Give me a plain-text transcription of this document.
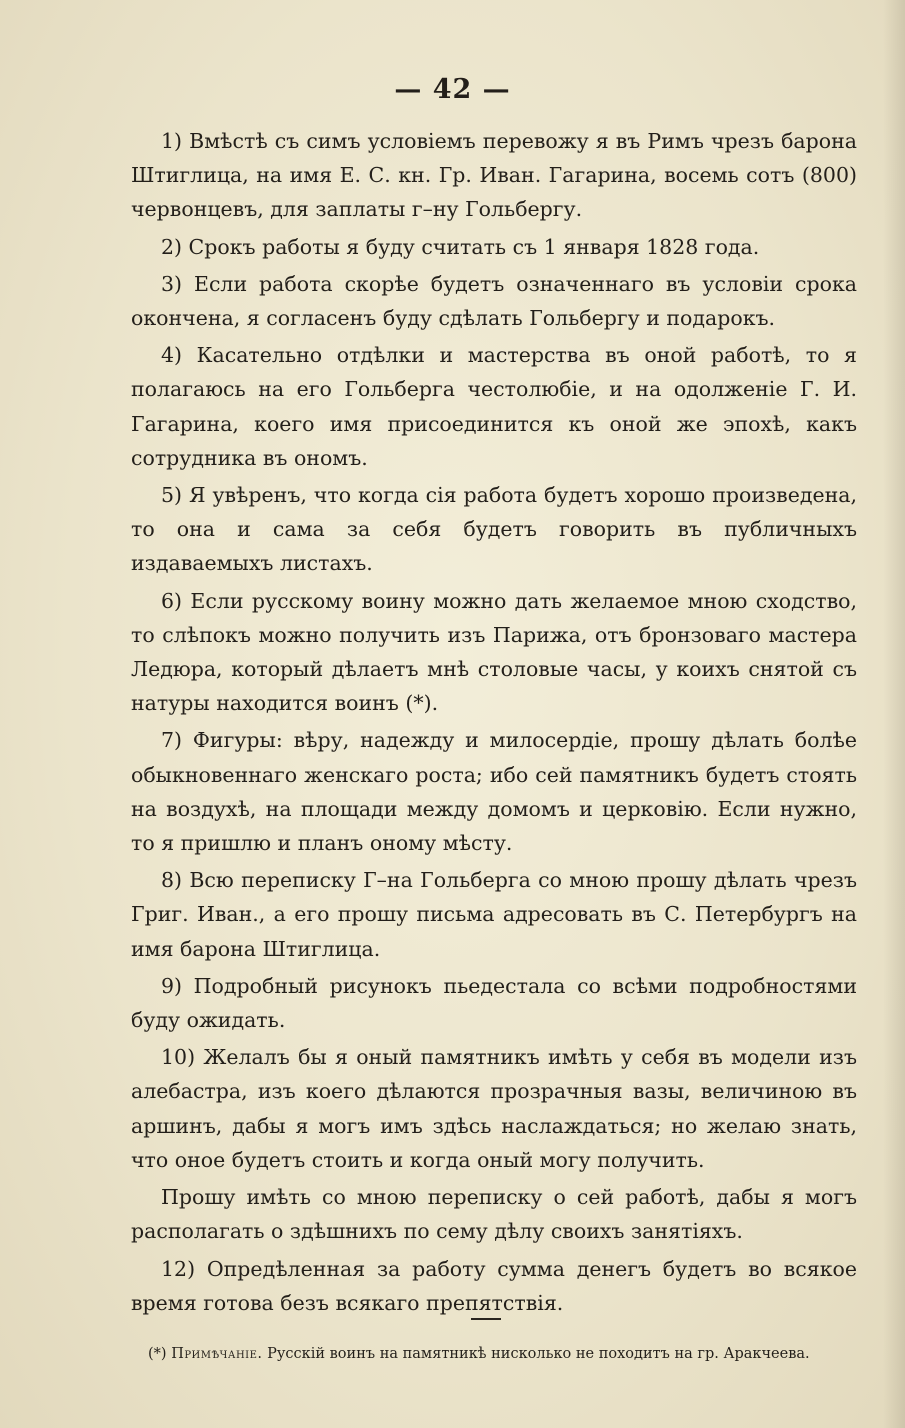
— 42 —

1) Вмѣстѣ съ симъ условіемъ перевожу я въ Римъ чрезъ барона Штиглица, на имя Е. С. кн. Гр. Иван. Гагарина, восемь сотъ (800) червонцевъ, для заплаты г–ну Гольбергу.

2) Срокъ работы я буду считать съ 1 января 1828 года.

3) Если работа скорѣе будетъ означеннаго въ условіи срока окончена, я согласенъ буду сдѣлать Гольбергу и подарокъ.

4) Касательно отдѣлки и мастерства въ оной работѣ, то я полагаюсь на его Гольберга честолюбіе, и на одолженіе Г. И. Гагарина, коего имя присоединится къ оной же эпохѣ, какъ сотрудника въ ономъ.

5) Я увѣренъ, что когда сія работа будетъ хорошо произведена, то она и сама за себя будетъ говорить въ публичныхъ издаваемыхъ листахъ.

6) Если русскому воину можно дать желаемое мною сходство, то слѣпокъ можно получить изъ Парижа, отъ бронзоваго мастера Ледюра, который дѣлаетъ мнѣ столовые часы, у коихъ снятой съ натуры находится воинъ (*).

7) Фигуры: вѣру, надежду и милосердіе, прошу дѣлать болѣе обыкновеннаго женскаго роста; ибо сей памятникъ будетъ стоять на воздухѣ, на площади между домомъ и церковію. Если нужно, то я пришлю и планъ оному мѣсту.

8) Всю переписку Г–на Гольберга со мною прошу дѣлать чрезъ Григ. Иван., а его прошу письма адресовать въ С. Петербургъ на имя барона Штиглица.

9) Подробный рисунокъ пьедестала со всѣми подробностями буду ожидать.

10) Желалъ бы я оный памятникъ имѣть у себя въ модели изъ алебастра, изъ коего дѣлаются прозрачныя вазы, величиною въ аршинъ, дабы я могъ имъ здѣсь наслаждаться; но желаю знать, что оное будетъ стоить и когда оный могу получить.

Прошу имѣть со мною переписку о сей работѣ, дабы я могъ располагать о здѣшнихъ по сему дѣлу своихъ занятіяхъ.

12) Опредѣленная за работу сумма денегъ будетъ во всякое время готова безъ всякаго препятствія.

(*) Примѣчаніе. Русскій воинъ на памятникѣ нисколько не походитъ на гр. Аракчеева.
